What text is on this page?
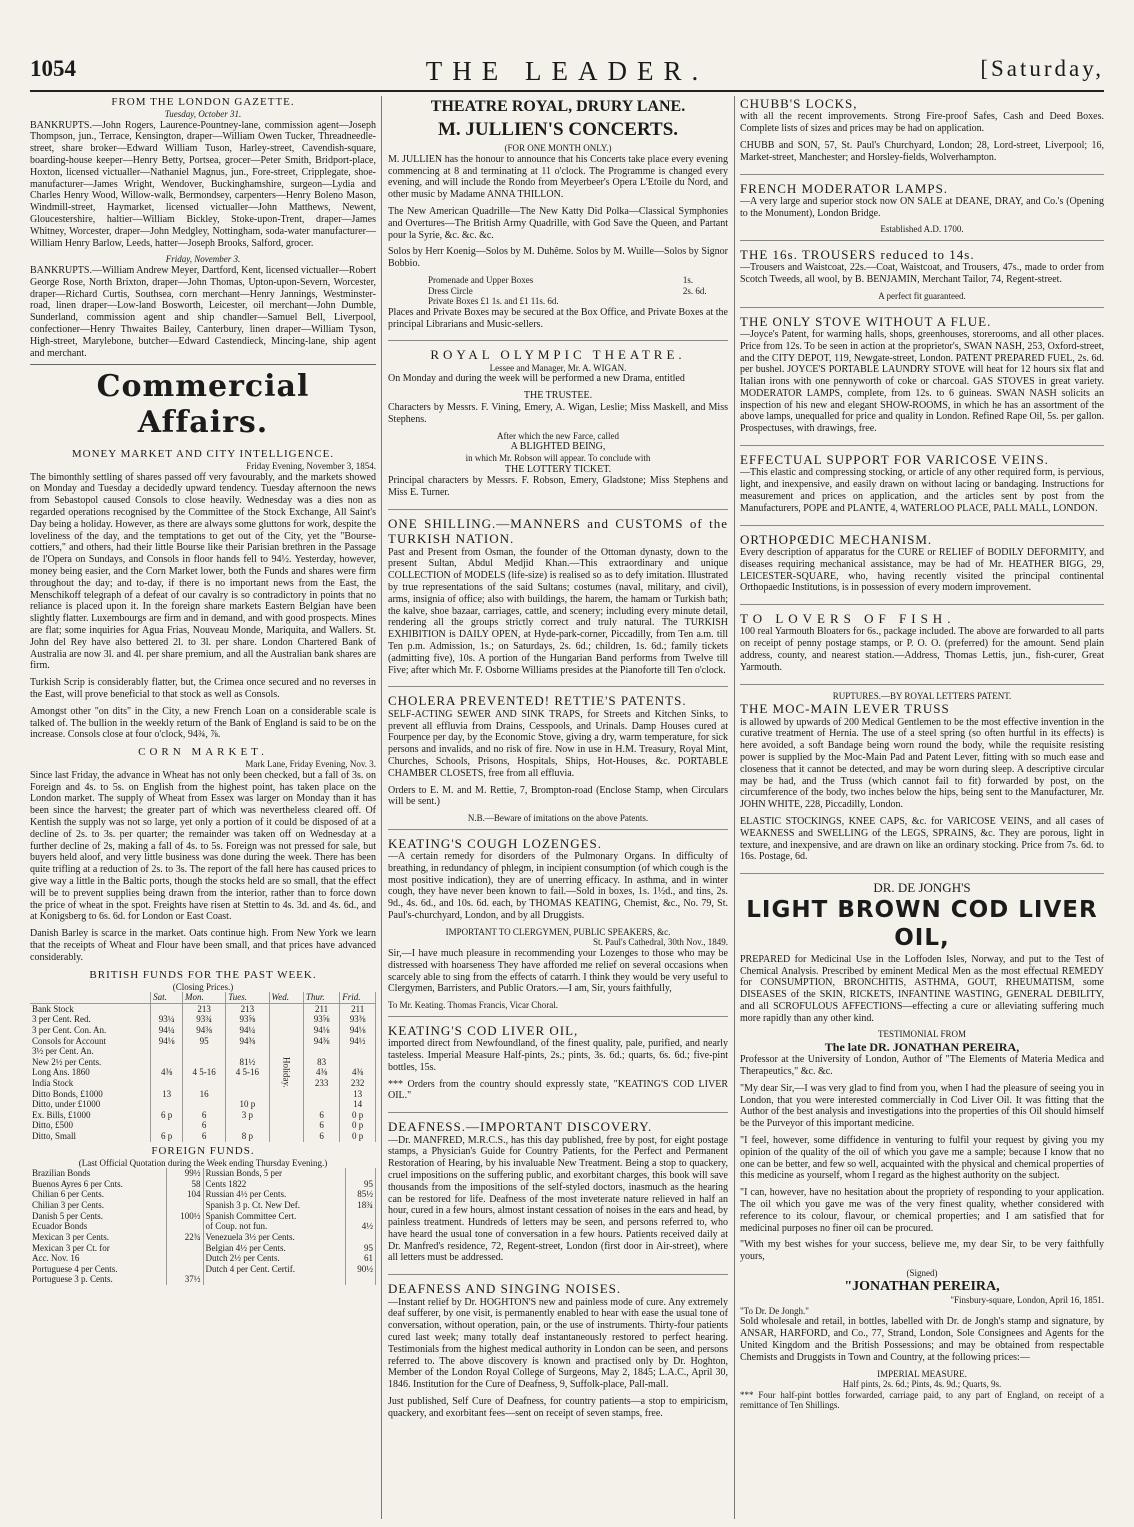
1054	THE LEADER.	[Saturday,
FROM THE LONDON GAZETTE.
Tuesday, October 31.

BANKRUPTS.—John Rogers, Laurence-Pountney-lane, commission agent—Joseph Thompson, jun., Terrace, Kensington, draper—William Owen Tucker, Threadneedle-street, share broker—Edward William Tuson, Harley-street, Cavendish-square, boarding-house keeper—Henry Betty, Portsea, grocer—Peter Smith, Bridport-place, Hoxton, licensed victualler—Nathaniel Magnus, jun., Fore-street, Cripplegate, shoe-manufacturer—James Wright, Wendover, Buckinghamshire, surgeon—Lydia and Charles Henry Wood, Willow-walk, Bermondsey, carpenters—Henry Boleno Mason, Windmill-street, Haymarket, licensed victualler—John Matthews, Newent, Gloucestershire, haltier—William Bickley, Stoke-upon-Trent, draper—James Whitney, Worcester, draper—John Medgley, Nottingham, soda-water manufacturer—William Henry Barlow, Leeds, hatter—Joseph Brooks, Salford, grocer.

Friday, November 3.

BANKRUPTS.—William Andrew Meyer, Dartford, Kent, licensed victualler—Robert George Rose, North Brixton, draper—John Thomas, Upton-upon-Severn, Worcester, draper—Richard Curtis, Southsea, corn merchant—Henry Jannings, Westminster-road, linen draper—Low-land Bosworth, Leicester, oil merchant—John Dumble, Sunderland, commission agent and ship chandler—Samuel Bell, Liverpool, confectioner—Henry Thwaites Bailey, Canterbury, linen draper—William Tyson, High-street, Marylebone, butcher—Edward Castendieck, Mincing-lane, ship agent and merchant.

Commercial Affairs.
MONEY MARKET AND CITY INTELLIGENCE.
Friday Evening, November 3, 1854.

The bimonthly settling of shares passed off very favourably, and the markets showed on Monday and Tuesday a decidedly upward tendency. Tuesday afternoon the news from Sebastopol caused Consols to close heavily. Wednesday was a dies non as regarded operations recognised by the Committee of the Stock Exchange, All Saint's Day being a holiday. However, as there are always some gluttons for work, despite the loveliness of the day, and the temptations to get out of the City, yet the "Bourse-cottiers," and others, had their little Bourse like their Parisian brethren in the Passage de l'Opera on Sundays, and Consols in floor hands fell to 94½. Yesterday, however, money being easier, and the Corn Market lower, both the Funds and shares were firm throughout the day; and to-day, if there is no important news from the East, the Menschikoff telegraph of a defeat of our cavalry is so contradictory in points that no reliance is placed upon it. In the foreign share markets Eastern Belgian have been slightly flatter. Luxembourgs are firm and in demand, and with good prospects. Mines are flat; some inquiries for Agua Frias, Nouveau Monde, Mariquita, and Wallers. St. John del Rey have also bettered 2l. to 3l. per share. London Chartered Bank of Australia are now 3l. and 4l. per share premium, and all the Australian bank shares are firm.

Turkish Scrip is considerably flatter, but, the Crimea once secured and no reverses in the East, will prove beneficial to that stock as well as Consols.

Amongst other "on dits" in the City, a new French Loan on a considerable scale is talked of. The bullion in the weekly return of the Bank of England is said to be on the increase. Consols close at four o'clock, 94¾, ⅞.

CORN MARKET.
Mark Lane, Friday Evening, Nov. 3.

Since last Friday, the advance in Wheat has not only been checked, but a fall of 3s. on Foreign and 4s. to 5s. on English from the highest point, has taken place on the London market. The supply of Wheat from Essex was larger on Monday than it has been since the harvest; the greater part of which was nevertheless cleared off. Of Kentish the supply was not so large, yet only a portion of it could be disposed of at a decline of 2s. to 3s. per quarter; the remainder was taken off on Wednesday at a further decline of 2s, making a fall of 4s. to 5s. Foreign was not pressed for sale, but buyers held aloof, and very little business was done during the week. There has been quite trifling at a reduction of 2s. to 3s. The report of the fall here has caused prices to give way a little in the Baltic ports, though the stocks held are so small, that the effect will be to prevent supplies being drawn from the interior, rather than to force down the price of wheat in the spot. Freights have risen at Stettin to 4s. 3d. and 4s. 6d., and at Konigsberg to 6s. 6d. for London or East Coast.

Danish Barley is scarce in the market. Oats continue high. From New York we learn that the receipts of Wheat and Flour have been small, and that prices have advanced considerably.

BRITISH FUNDS FOR THE PAST WEEK.
(Closing Prices.)
	Sat.	Mon.	Tues.	Wed.	Thur.	Frid.
Bank Stock		213	213	Holiday.	211	211
3 per Cent. Red.	93¼	93¾	93⅝		93⅝	93⅜
3 per Cent. Con. An.	94¼	94⅜	94¼		94⅛	94⅛
Consols for Account	94⅛	95	94⅜		94⅜	94½
3½ per Cent. An.						
New 2½ per Cents.			81½		83	
Long Ans. 1860	4⅜	4 5-16	4 5-16		4⅜	4⅜
India Stock					233	232
Ditto Bonds, £1000	13	16				13
Ditto, under £1000			10 p			14
Ex. Bills, £1000	6 p	6	3 p		6	0 p
Ditto, £500		6			6	0 p
Ditto, Small	6 p	6	8 p		6	0 p
FOREIGN FUNDS.
(Last Official Quotation during the Week ending Thursday Evening.)
Brazilian Bonds	99½	Russian Bonds, 5 per	
Buenos Ayres 6 per Cnts.	58	Cents 1822	95
Chilian 6 per Cents.	104	Russian 4½ per Cents.	85½
Chilian 3 per Cents.		Spanish 3 p. Ct. New Def.	18¾
Danish 5 per Cents.	100½	Spanish Committee Cert.	
Ecuador Bonds		of Coup. not fun.	4½
Mexican 3 per Cents.	22¾	Venezuela 3½ per Cents.	
Mexican 3 per Ct. for		Belgian 4½ per Cents.	95
Acc. Nov. 16		Dutch 2½ per Cents.	61
Portuguese 4 per Cents.		Dutch 4 per Cent. Certif.	90½
Portuguese 3 p. Cents.	37½		
THEATRE ROYAL, DRURY LANE.
M. JULLIEN'S CONCERTS.
(FOR ONE MONTH ONLY.)

M. JULLIEN has the honour to announce that his Concerts take place every evening commencing at 8 and terminating at 11 o'clock. The Programme is changed every evening, and will include the Rondo from Meyerbeer's Opera L'Etoile du Nord, and other music by Madame ANNA THILLON.

The New American Quadrille—The New Katty Did Polka—Classical Symphonies and Overtures—The British Army Quadrille, with God Save the Queen, and Partant pour la Syrie, &c. &c. &c.

Solos by Herr Koenig—Solos by M. Duhême. Solos by M. Wuille—Solos by Signor Bobbio.

Promenade and Upper Boxes	1s.
Dress Circle	2s. 6d.
Private Boxes £1 1s. and £1 11s. 6d.	

Places and Private Boxes may be secured at the Box Office, and Private Boxes at the principal Librarians and Music-sellers.

ROYAL OLYMPIC THEATRE.
Lessee and Manager, Mr. A. WIGAN.

On Monday and during the week will be performed a new Drama, entitled

THE TRUSTEE.

Characters by Messrs. F. Vining, Emery, A. Wigan, Leslie; Miss Maskell, and Miss Stephens.

After which the new Farce, called
A BLIGHTED BEING,
in which Mr. Robson will appear. To conclude with
THE LOTTERY TICKET.

Principal characters by Messrs. F. Robson, Emery, Gladstone; Miss Stephens and Miss E. Turner.

ONE SHILLING.—MANNERS and CUSTOMS of the TURKISH NATION.

Past and Present from Osman, the founder of the Ottoman dynasty, down to the present Sultan, Abdul Medjid Khan.—This extraordinary and unique COLLECTION of MODELS (life-size) is realised so as to defy imitation. Illustrated by true representations of the said Sultans; costumes (naval, military, and civil), arms, insignia of office; also with buildings, the harem, the hamam or Turkish bath; the kalve, shoe bazaar, carriages, cattle, and scenery; including every minute detail, rendering all the groups strictly correct and truly natural. The TURKISH EXHIBITION is DAILY OPEN, at Hyde-park-corner, Piccadilly, from Ten a.m. till Ten p.m. Admission, 1s.; on Saturdays, 2s. 6d.; children, 1s. 6d.; family tickets (admitting five), 10s. A portion of the Hungarian Band performs from Twelve till Five; after which Mr. F. Osborne Williams presides at the Pianoforte till Ten o'clock.

CHOLERA PREVENTED! RETTIE'S PATENTS.

SELF-ACTING SEWER AND SINK TRAPS, for Streets and Kitchen Sinks, to prevent all effluvia from Drains, Cesspools, and Urinals. Damp Houses cured at Fourpence per day, by the Economic Stove, giving a dry, warm temperature, for sick persons and invalids, and no risk of fire. Now in use in H.M. Treasury, Royal Mint, Churches, Schools, Prisons, Hospitals, Ships, Hot-Houses, &c. PORTABLE CHAMBER CLOSETS, free from all effluvia.

Orders to E. M. and M. Rettie, 7, Brompton-road (Enclose Stamp, when Circulars will be sent.)

N.B.—Beware of imitations on the above Patents.
KEATING'S COUGH LOZENGES.

—A certain remedy for disorders of the Pulmonary Organs. In difficulty of breathing, in redundancy of phlegm, in incipient consumption (of which cough is the most positive indication), they are of unerring efficacy. In asthma, and in winter cough, they have never been known to fail.—Sold in boxes, 1s. 1½d., and tins, 2s. 9d., 4s. 6d., and 10s. 6d. each, by THOMAS KEATING, Chemist, &c., No. 79, St. Paul's-churchyard, London, and by all Druggists.

IMPORTANT TO CLERGYMEN, PUBLIC SPEAKERS, &c.
St. Paul's Cathedral, 30th Nov., 1849.

Sir,—I have much pleasure in recommending your Lozenges to those who may be distressed with hoarseness They have afforded me relief on several occasions when scarcely able to sing from the effects of catarrh. I think they would be very useful to Clergymen, Barristers, and Public Orators.—I am, Sir, yours faithfully,

To Mr. Keating. Thomas Francis, Vicar Choral.
KEATING'S COD LIVER OIL,

imported direct from Newfoundland, of the finest quality, pale, purified, and nearly tasteless. Imperial Measure Half-pints, 2s.; pints, 3s. 6d.; quarts, 6s. 6d.; five-pint bottles, 15s.

*** Orders from the country should expressly state, "KEATING'S COD LIVER OIL."

DEAFNESS.—IMPORTANT DISCOVERY.

—Dr. MANFRED, M.R.C.S., has this day published, free by post, for eight postage stamps, a Physician's Guide for Country Patients, for the Perfect and Permanent Restoration of Hearing, by his invaluable New Treatment. Being a stop to quackery, cruel impositions on the suffering public, and exorbitant charges, this book will save thousands from the impositions of the self-styled doctors, inasmuch as the hearing can be restored for life. Deafness of the most inveterate nature relieved in half an hour, cured in a few hours, almost instant cessation of noises in the ears and head, by painless treatment. Hundreds of letters may be seen, and persons referred to, who have heard the usual tone of conversation in a few hours. Patients received daily at Dr. Manfred's residence, 72, Regent-street, London (first door in Air-street), where all letters must be addressed.

DEAFNESS AND SINGING NOISES.

—Instant relief by Dr. HOGHTON'S new and painless mode of cure. Any extremely deaf sufferer, by one visit, is permanently enabled to hear with ease the usual tone of conversation, without operation, pain, or the use of instruments. Thirty-four patients cured last week; many totally deaf instantaneously restored to perfect hearing. Testimonials from the highest medical authority in London can be seen, and persons referred to. The above discovery is known and practised only by Dr. Hoghton, Member of the London Royal College of Surgeons, May 2, 1845; L.A.C., April 30, 1846. Institution for the Cure of Deafness, 9, Suffolk-place, Pall-mall.

Just published, Self Cure of Deafness, for country patients—a stop to empiricism, quackery, and exorbitant fees—sent on receipt of seven stamps, free.

CHUBB'S LOCKS,

with all the recent improvements. Strong Fire-proof Safes, Cash and Deed Boxes. Complete lists of sizes and prices may be had on application.

CHUBB and SON, 57, St. Paul's Churchyard, London; 28, Lord-street, Liverpool; 16, Market-street, Manchester; and Horsley-fields, Wolverhampton.

FRENCH MODERATOR LAMPS.

—A very large and superior stock now ON SALE at DEANE, DRAY, and Co.'s (Opening to the Monument), London Bridge.

Established A.D. 1700.
THE 16s. TROUSERS reduced to 14s.

—Trousers and Waistcoat, 22s.—Coat, Waistcoat, and Trousers, 47s., made to order from Scotch Tweeds, all wool, by B. BENJAMIN, Merchant Tailor, 74, Regent-street.

A perfect fit guaranteed.
THE ONLY STOVE WITHOUT A FLUE.

—Joyce's Patent, for warming halls, shops, greenhouses, storerooms, and all other places. Price from 12s. To be seen in action at the proprietor's, SWAN NASH, 253, Oxford-street, and the CITY DEPOT, 119, Newgate-street, London. PATENT PREPARED FUEL, 2s. 6d. per bushel. JOYCE'S PORTABLE LAUNDRY STOVE will heat for 12 hours six flat and Italian irons with one pennyworth of coke or charcoal. GAS STOVES in great variety. MODERATOR LAMPS, complete, from 12s. to 6 guineas. SWAN NASH solicits an inspection of his new and elegant SHOW-ROOMS, in which he has an assortment of the above lamps, unequalled for price and quality in London. Refined Rape Oil, 5s. per gallon. Prospectuses, with drawings, free.

EFFECTUAL SUPPORT FOR VARICOSE VEINS.

—This elastic and compressing stocking, or article of any other required form, is pervious, light, and inexpensive, and easily drawn on without lacing or bandaging. Instructions for measurement and prices on application, and the articles sent by post from the Manufacturers, POPE and PLANTE, 4, WATERLOO PLACE, PALL MALL, LONDON.

ORTHOPŒDIC MECHANISM.

Every description of apparatus for the CURE or RELIEF of BODILY DEFORMITY, and diseases requiring mechanical assistance, may be had of Mr. HEATHER BIGG, 29, LEICESTER-SQUARE, who, having recently visited the principal continental Orthopaedic Institutions, is in possession of every modern improvement.

TO LOVERS OF FISH.

100 real Yarmouth Bloaters for 6s., package included. The above are forwarded to all parts on receipt of penny postage stamps, or P. O. O. (preferred) for the amount. Send plain address, county, and nearest station.—Address, Thomas Lettis, jun., fish-curer, Great Yarmouth.

RUPTURES.—BY ROYAL LETTERS PATENT.
THE MOC-MAIN LEVER TRUSS

is allowed by upwards of 200 Medical Gentlemen to be the most effective invention in the curative treatment of Hernia. The use of a steel spring (so often hurtful in its effects) is here avoided, a soft Bandage being worn round the body, while the requisite resisting power is supplied by the Moc-Main Pad and Patent Lever, fitting with so much ease and closeness that it cannot be detected, and may be worn during sleep. A descriptive circular may be had, and the Truss (which cannot fail to fit) forwarded by post, on the circumference of the body, two inches below the hips, being sent to the Manufacturer, Mr. JOHN WHITE, 228, Piccadilly, London.

ELASTIC STOCKINGS, KNEE CAPS, &c. for VARICOSE VEINS, and all cases of WEAKNESS and SWELLING of the LEGS, SPRAINS, &c. They are porous, light in texture, and inexpensive, and are drawn on like an ordinary stocking. Price from 7s. 6d. to 16s. Postage, 6d.

DR. DE JONGH'S
LIGHT BROWN COD LIVER OIL,

PREPARED for Medicinal Use in the Loffoden Isles, Norway, and put to the Test of Chemical Analysis. Prescribed by eminent Medical Men as the most effectual REMEDY for CONSUMPTION, BRONCHITIS, ASTHMA, GOUT, RHEUMATISM, some DISEASES of the SKIN, RICKETS, INFANTINE WASTING, GENERAL DEBILITY, and all SCROFULOUS AFFECTIONS—effecting a cure or alleviating suffering much more rapidly than any other kind.

TESTIMONIAL FROM
The late DR. JONATHAN PEREIRA,

Professor at the University of London, Author of "The Elements of Materia Medica and Therapeutics," &c. &c.

"My dear Sir,—I was very glad to find from you, when I had the pleasure of seeing you in London, that you were interested commercially in Cod Liver Oil. It was fitting that the Author of the best analysis and investigations into the properties of this Oil should himself be the Purveyor of this important medicine.

"I feel, however, some diffidence in venturing to fulfil your request by giving you my opinion of the quality of the oil of which you gave me a sample; because I know that no one can be better, and few so well, acquainted with the physical and chemical properties of this medicine as yourself, whom I regard as the highest authority on the subject.

"I can, however, have no hesitation about the propriety of responding to your application. The oil which you gave me was of the very finest quality, whether considered with reference to its colour, flavour, or chemical properties; and I am satisfied that for medicinal purposes no finer oil can be procured.

"With my best wishes for your success, believe me, my dear Sir, to be very faithfully yours,

(Signed)
"JONATHAN PEREIRA,
"Finsbury-square, London, April 16, 1851.
"To Dr. De Jongh."

Sold wholesale and retail, in bottles, labelled with Dr. de Jongh's stamp and signature, by ANSAR, HARFORD, and Co., 77, Strand, London, Sole Consignees and Agents for the United Kingdom and the British Possessions; and may be obtained from respectable Chemists and Druggists in Town and Country, at the following prices:—

IMPERIAL MEASURE.
Half pints, 2s. 6d.; Pints, 4s. 9d.; Quarts, 9s.

*** Four half-pint bottles forwarded, carriage paid, to any part of England, on receipt of a remittance of Ten Shillings.
